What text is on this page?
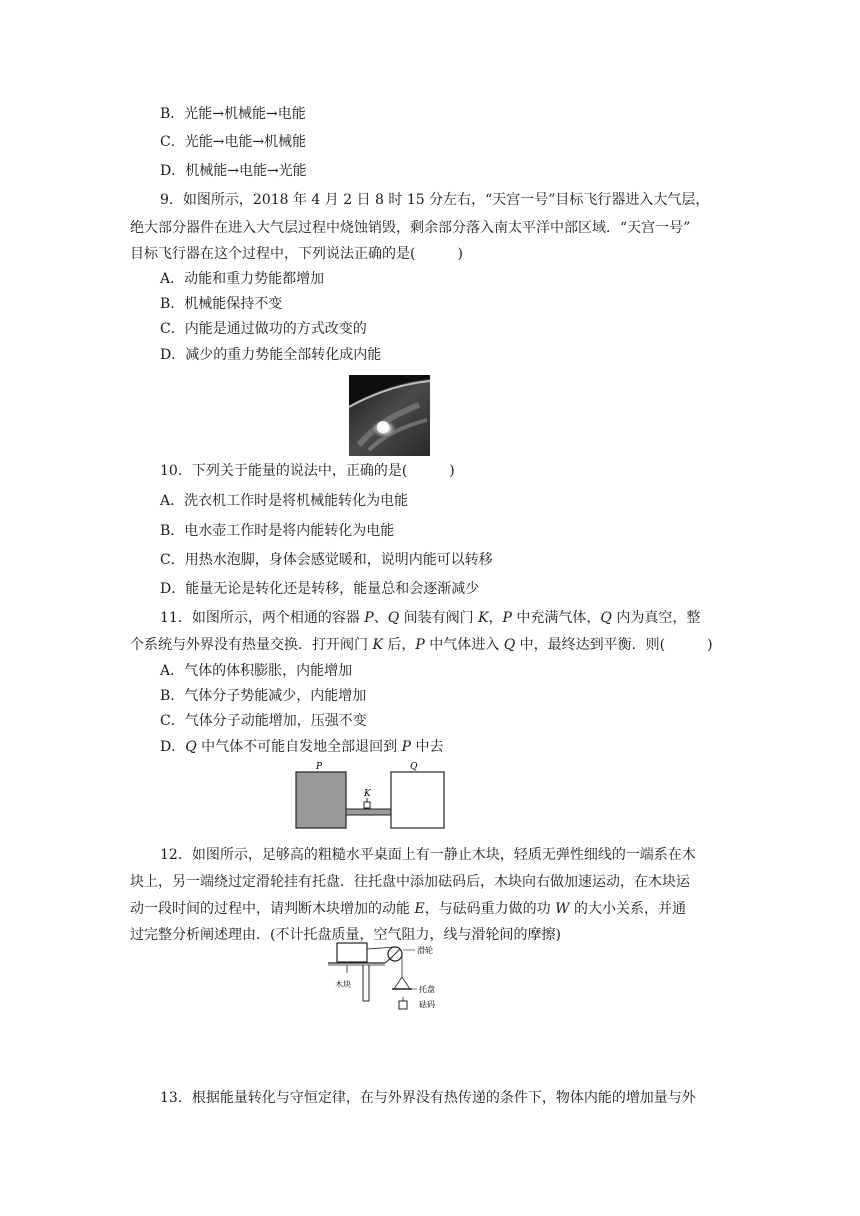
B．光能→机械能→电能
C．光能→电能→机械能
D．机械能→电能→光能
9．如图所示，2018 年 4 月 2 日 8 时 15 分左右，“天宫一号”目标飞行器进入大气层，
绝大部分器件在进入大气层过程中烧蚀销毁，剩余部分落入南太平洋中部区域．“天宫一号”
目标飞行器在这个过程中，下列说法正确的是(　　　)
A．动能和重力势能都增加
B．机械能保持不变
C．内能是通过做功的方式改变的
D．减少的重力势能全部转化成内能
10．下列关于能量的说法中，正确的是(　　　)
A．洗衣机工作时是将机械能转化为电能
B．电水壶工作时是将内能转化为电能
C．用热水泡脚，身体会感觉暖和，说明内能可以转移
D．能量无论是转化还是转移，能量总和会逐渐减少
11．如图所示，两个相通的容器 P、Q 间装有阀门 K，P 中充满气体，Q 内为真空，整
个系统与外界没有热量交换．打开阀门 K 后，P 中气体进入 Q 中，最终达到平衡．则(　　　)
A．气体的体积膨胀，内能增加
B．气体分子势能减少，内能增加
C．气体分子动能增加，压强不变
D．Q 中气体不可能自发地全部退回到 P 中去
P	Q
K
12．如图所示，足够高的粗糙水平桌面上有一静止木块，轻质无弹性细线的一端系在木
块上，另一端绕过定滑轮挂有托盘．往托盘中添加砝码后，木块向右做加速运动，在木块运
动一段时间的过程中，请判断木块增加的动能 E，与砝码重力做的功 W 的大小关系，并通
过完整分析阐述理由．(不计托盘质量，空气阻力，线与滑轮间的摩擦)
滑轮
木块
托盘
砝码
13．根据能量转化与守恒定律，在与外界没有热传递的条件下，物体内能的增加量与外
